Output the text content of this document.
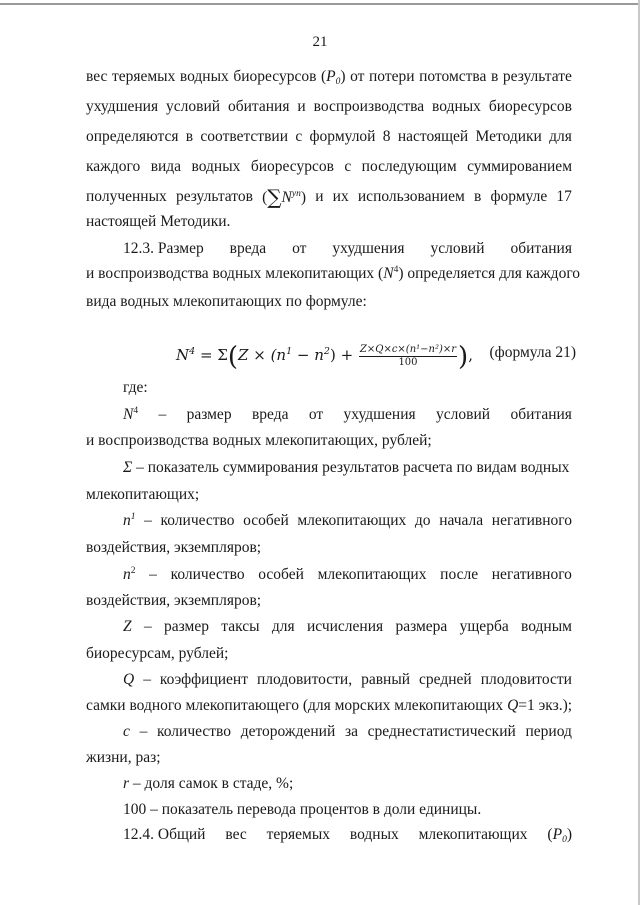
21
вес теряемых водных биоресурсов $(P_0)$ от потери потомства в результате
ухудшения условий обитания и воспроизводства водных биоресурсов
определяются в соответствии с формулой 8 настоящей Методики для
каждого вида водных биоресурсов с последующим суммированием
полученных результатов $(\sum N^{уп})$ и их использованием в формуле 17
настоящей Методики.
12.3. Размер вреда от ухудшения условий обитания
и воспроизводства водных млекопитающих $(N^4)$ определяется для каждого
вида водных млекопитающих по формуле:
где:
$N^4$ – размер вреда от ухудшения условий обитания
и воспроизводства водных млекопитающих, рублей;
Σ – показатель суммирования результатов расчета по видам водных
млекопитающих;
$n^1$ – количество особей млекопитающих до начала негативного
воздействия, экземпляров;
$n^2$ – количество особей млекопитающих после негативного
воздействия, экземпляров;
Z – размер таксы для исчисления размера ущерба водным
биоресурсам, рублей;
Q – коэффициент плодовитости, равный средней плодовитости
самки водного млекопитающего (для морских млекопитающих Q=1 экз.);
c – количество деторождений за среднестатистический период
жизни, раз;
r – доля самок в стаде, %;
100 – показатель перевода процентов в доли единицы.
12.4. Общий вес теряемых водных млекопитающих $(P_0)$
$N^4 = \Sigma(Z \times (n^1 - n^2) + \frac{\text{Z×Q×c×(n¹−n²)×r}}{100}$ ), (формула 21)
